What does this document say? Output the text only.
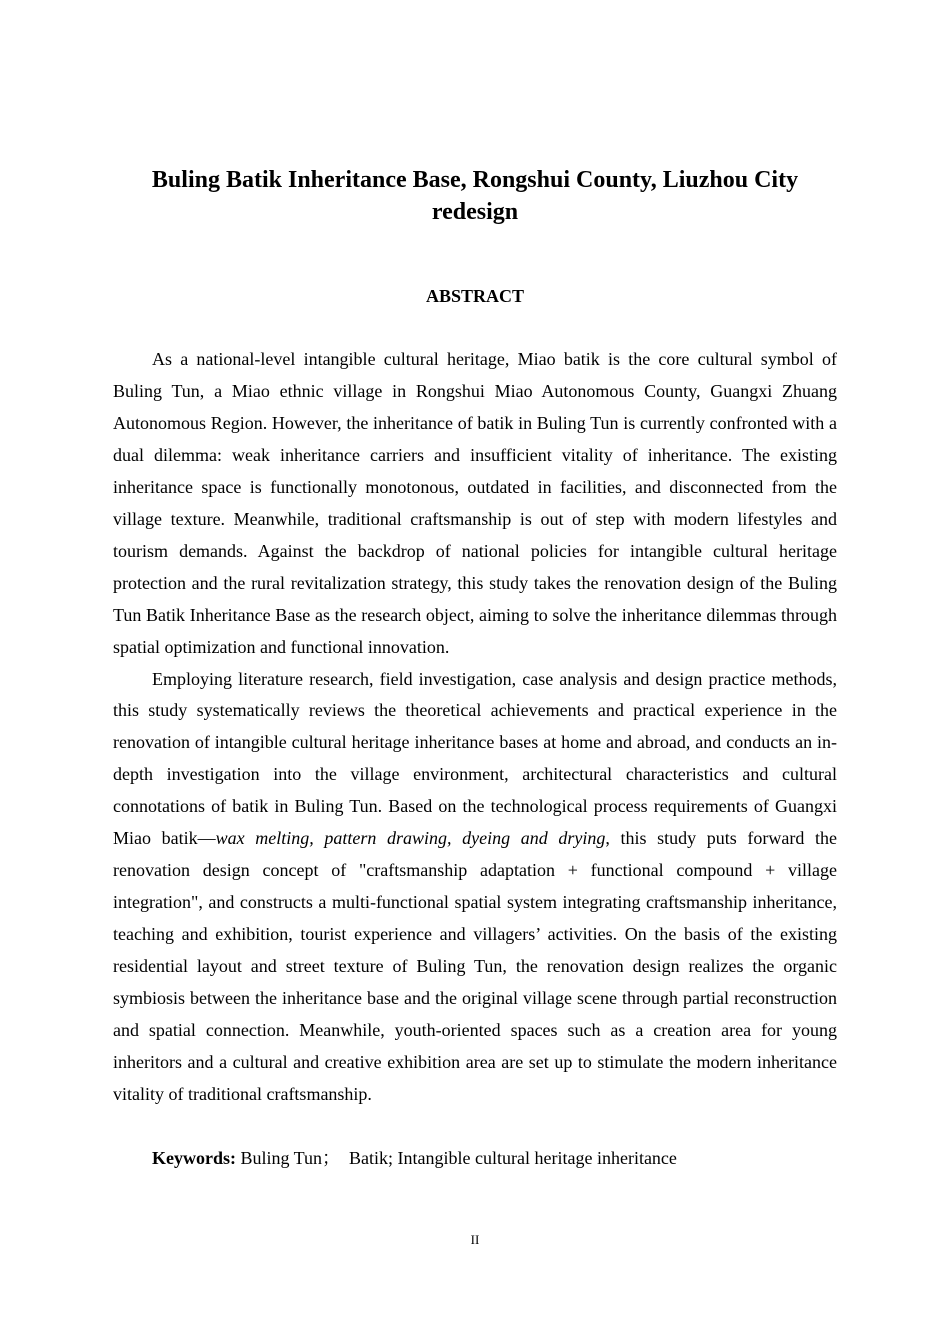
Buling Batik Inheritance Base, Rongshui County, Liuzhou City
redesign
ABSTRACT

As a national-level intangible cultural heritage, Miao batik is the core cultural symbol of Buling Tun, a Miao ethnic village in Rongshui Miao Autonomous County, Guangxi Zhuang Autonomous Region. However, the inheritance of batik in Buling Tun is currently confronted with a dual dilemma: weak inheritance carriers and insufficient vitality of inheritance. The existing inheritance space is functionally monotonous, outdated in facilities, and disconnected from the village texture. Meanwhile, traditional craftsmanship is out of step with modern lifestyles and tourism demands. Against the backdrop of national policies for intangible cultural heritage protection and the rural revitalization strategy, this study takes the renovation design of the Buling Tun Batik Inheritance Base as the research object, aiming to solve the inheritance dilemmas through spatial optimization and functional innovation.

Employing literature research, field investigation, case analysis and design practice methods, this study systematically reviews the theoretical achievements and practical experience in the renovation of intangible cultural heritage inheritance bases at home and abroad, and conducts an in-depth investigation into the village environment, architectural characteristics and cultural connotations of batik in Buling Tun. Based on the technological process requirements of Guangxi Miao batik—wax melting, pattern drawing, dyeing and drying, this study puts forward the renovation design concept of "craftsmanship adaptation + functional compound + village integration", and constructs a multi-functional spatial system integrating craftsmanship inheritance, teaching and exhibition, tourist experience and villagers’ activities. On the basis of the existing residential layout and street texture of Buling Tun, the renovation design realizes the organic symbiosis between the inheritance base and the original village scene through partial reconstruction and spatial connection. Meanwhile, youth-oriented spaces such as a creation area for young inheritors and a cultural and creative exhibition area are set up to stimulate the modern inheritance vitality of traditional craftsmanship.

Keywords: Buling Tun；  Batik; Intangible cultural heritage inheritance

II
